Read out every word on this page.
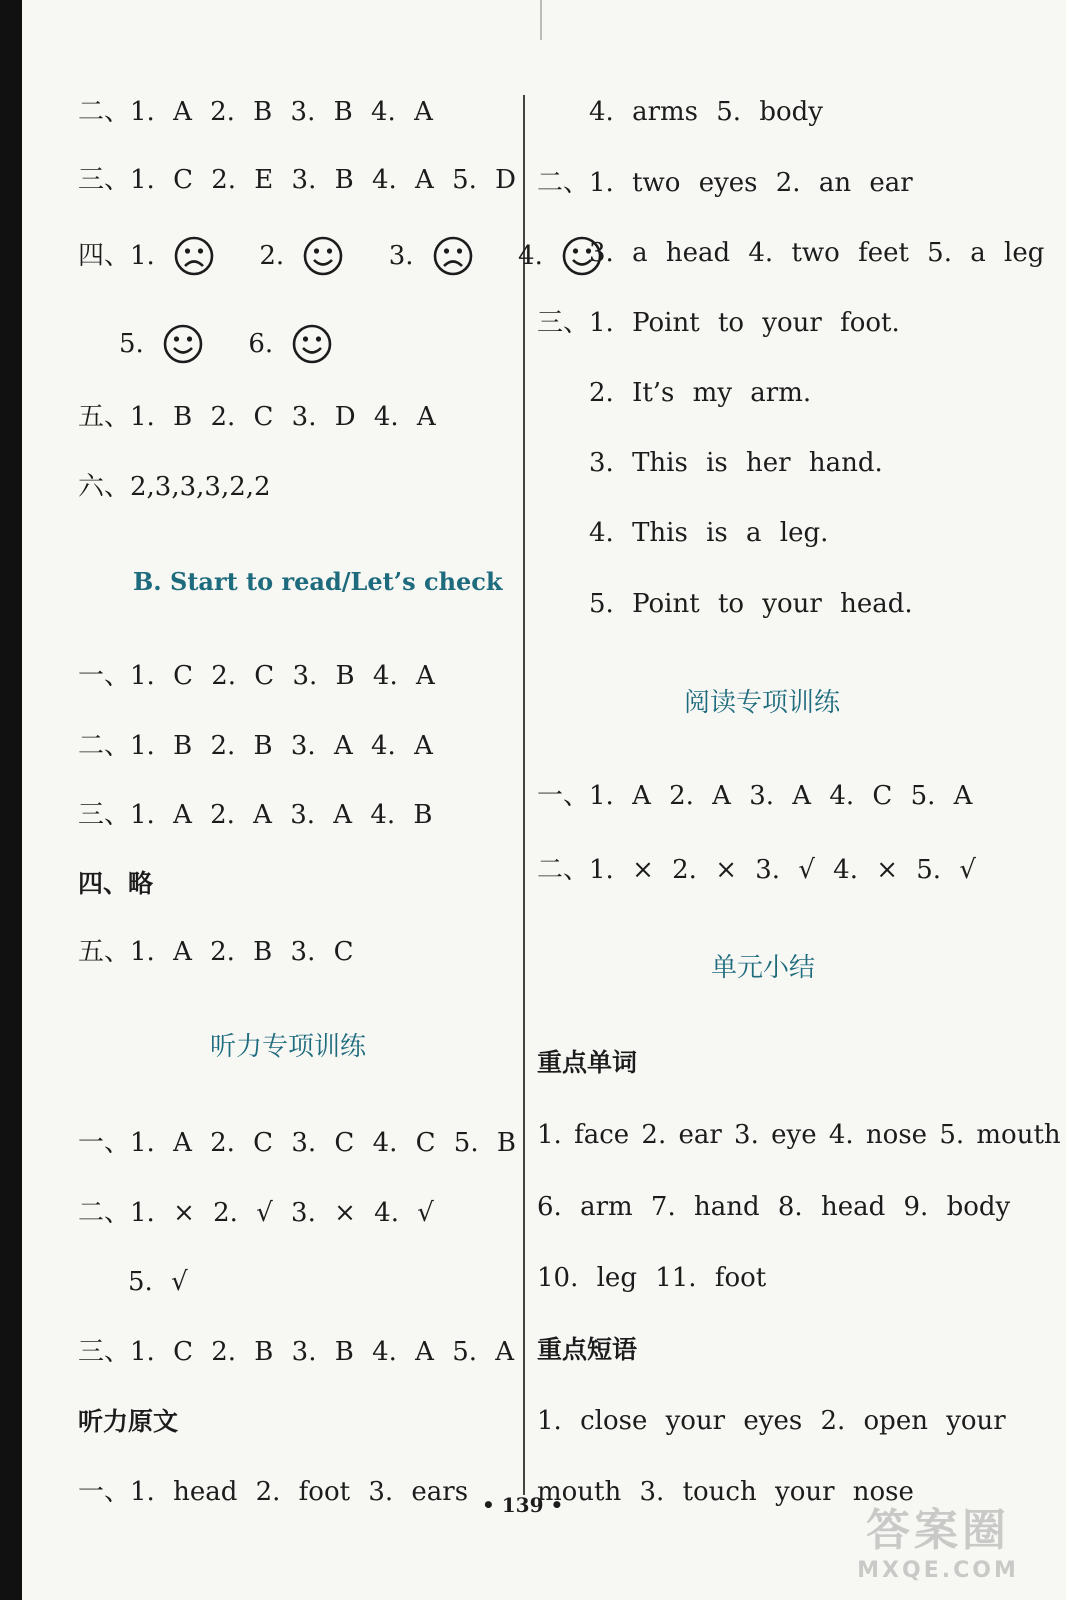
二、1. A 2. B 3. B 4. A
三、1. C 2. E 3. B 4. A 5. D
四、1.	2.	3.	4.
5.	6.
五、1. B 2. C 3. D 4. A
六、2,3,3,3,2,2
B. Start to read/Let’s check
一、1. C 2. C 3. B 4. A
二、1. B 2. B 3. A 4. A
三、1. A 2. A 3. A 4. B
四、略
五、1. A 2. B 3. C
听力专项训练
一、1. A 2. C 3. C 4. C 5. B
二、1. × 2. √ 3. × 4. √
5. √
三、1. C 2. B 3. B 4. A 5. A
听力原文
一、1. head 2. foot 3. ears
4. arms 5. body
二、1. two eyes 2. an ear
3. a head 4. two feet 5. a leg
三、1. Point to your foot.
2. It’s my arm.
3. This is her hand.
4. This is a leg.
5. Point to your head.
阅读专项训练
一、1. A 2. A 3. A 4. C 5. A
二、1. × 2. × 3. √ 4. × 5. √
单元小结
重点单词
1. face 2. ear 3. eye 4. nose 5. mouth
6. arm 7. hand 8. head 9. body
10. leg 11. foot
重点短语
1. close your eyes 2. open your
mouth 3. touch your nose
• 139 •	答案圈
MXQE.COM
